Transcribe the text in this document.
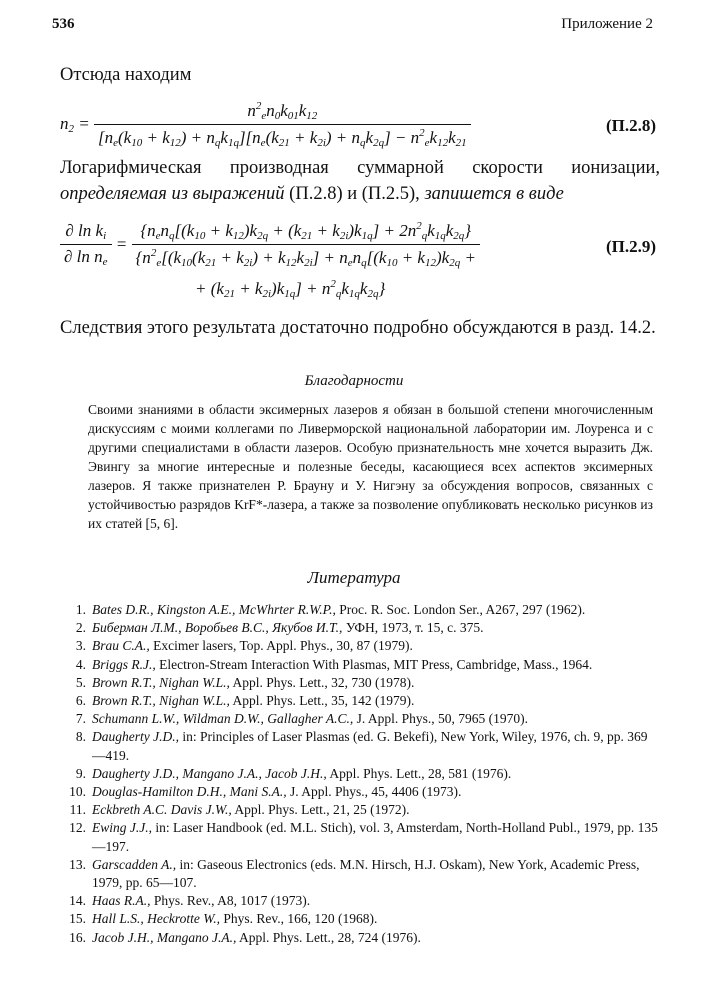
536	Приложение 2
Отсюда находим
$n_2 = \frac{n^2_en_0k_{01}k_{12}}{[n_e(k_{10} + k_{12}) + n_qk_{1q}][n_e(k_{21} + k_{2i}) + n_qk_{2q}] - n^2_ek_{12}k_{21}}$	(П.2.8)
Логарифмическая производная суммарной скорости ионизации, определяемая из выражений (П.2.8) и (П.2.5), запишется в виде
$\frac{\partial \ln k_i}{\partial \ln n_e} = \frac{\{n_en_q[(k_{10} + k_{12})k_{2q} + (k_{21} + k_{2i})k_{1q}] + 2n^2_qk_{1q}k_{2q}\}}{\{n^2_e[(k_{10}(k_{21} + k_{2i}) + k_{12}k_{2i}] + n_en_q[(k_{10} + k_{12})k_{2q} +}$
+ $(k_{21} + k_{2i})k_{1q}] + n^2_qk_{1q}k_{2q}$}
(П.2.9)
Следствия этого результата достаточно подробно обсуждаются в разд. 14.2.
Благодарности
Своими знаниями в области эксимерных лазеров я обязан в большой степени многочисленным дискуссиям с моими коллегами по Ливерморской национальной лаборатории им. Лоуренса и с другими специалистами в области лазеров. Особую признательность мне хочется выразить Дж. Эвингу за многие интересные и полезные беседы, касающиеся всех аспектов эксимерных лазеров. Я также признателен Р. Брауну и У. Нигэну за обсуждения вопросов, связанных с устойчивостью разрядов KrF*-лазера, а также за позволение опубликовать несколько рисунков из их статей [5, 6].
Литература
1. Bates D.R., Kingston A.E., McWhrter R.W.P., Proc. R. Soc. London Ser., A267, 297 (1962).
2. Биберман Л.М., Воробьев В.С., Якубов И.Т., УФН, 1973, т. 15, с. 375.
3. Brau C.A., Excimer lasers, Top. Appl. Phys., 30, 87 (1979).
4. Briggs R.J., Electron-Stream Interaction With Plasmas, MIT Press, Cambridge, Mass., 1964.
5. Brown R.T., Nighan W.L., Appl. Phys. Lett., 32, 730 (1978).
6. Brown R.T., Nighan W.L., Appl. Phys. Lett., 35, 142 (1979).
7. Schumann L.W., Wildman D.W., Gallagher A.C., J. Appl. Phys., 50, 7965 (1970).
8. Daugherty J.D., in: Principles of Laser Plasmas (ed. G. Bekefi), New York, Wiley, 1976, ch. 9, pp. 369—419.
9. Daugherty J.D., Mangano J.A., Jacob J.H., Appl. Phys. Lett., 28, 581 (1976).
10. Douglas-Hamilton D.H., Mani S.A., J. Appl. Phys., 45, 4406 (1973).
11. Eckbreth A.C. Davis J.W., Appl. Phys. Lett., 21, 25 (1972).
12. Ewing J.J., in: Laser Handbook (ed. M.L. Stich), vol. 3, Amsterdam, North-Holland Publ., 1979, pp. 135—197.
13. Garscadden A., in: Gaseous Electronics (eds. M.N. Hirsch, H.J. Oskam), New York, Academic Press, 1979, pp. 65—107.
14. Haas R.A., Phys. Rev., A8, 1017 (1973).
15. Hall L.S., Heckrotte W., Phys. Rev., 166, 120 (1968).
16. Jacob J.H., Mangano J.A., Appl. Phys. Lett., 28, 724 (1976).
